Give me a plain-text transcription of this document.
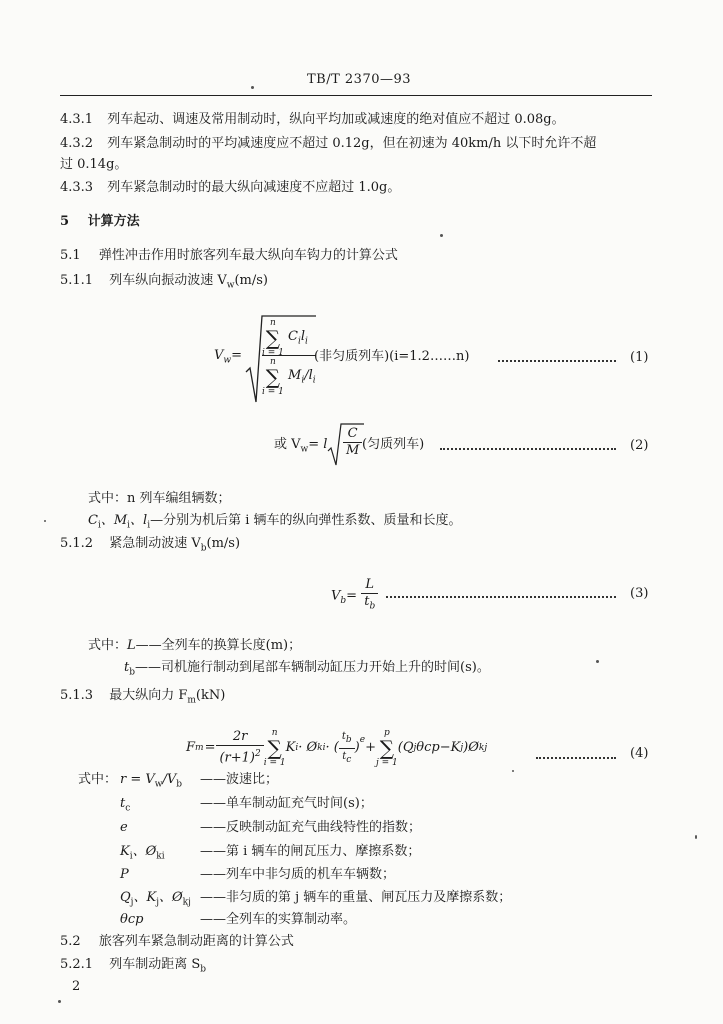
TB/T 2370—93
4.3.1 列车起动、调速及常用制动时，纵向平均加或减速度的绝对值应不超过 0.08g。
4.3.2 列车紧急制动时的平均减速度应不超过 0.12g，但在初速为 40km/h 以下时允许不超
过 0.14g。
4.3.3 列车紧急制动时的最大纵向减速度不应超过 1.0g。
5 计算方法
5.1 弹性冲击作用时旅客列车最大纵向车钩力的计算公式
5.1.1 列车纵向振动波速 $V_w(m/s)$
$V_w=$
n
∑
i = 1
$C_il_i$
n
∑
i = 1
$M_i/l_i$
(非匀质列车)(i=1.2……n)	(1)
或 $V_w= l \frac{C}{M}$ (匀质列车)	(2)
式中：n 列车编组辆数；
$C_i$、$M_i$、$l_i—$分别为机后第 i 辆车的纵向弹性系数、质量和长度。
5.1.2 紧急制动波速 $V_b(m/s)$
$V_b= \frac{L}{t_b}$	(3)
式中：L——全列车的换算长度(m)；
$t_b——$司机施行制动到尾部车辆制动缸压力开始上升的时间(s)。
5.1.3 最大纵向力 $F_m(kN)$
F $m = \frac{2r}{(r+1)^2}$ n
∑
i = 1
K i · Ø ki · ( $\frac{t_b}{t_c} )^e$ +
p
∑
j = 1
(Q j θcp−K j )Ø kj	(4)
式中： $r = V_w/V_b$ ——波速比；
$t_c$	——单车制动缸充气时间(s)；
e	——反映制动缸充气曲线特性的指数；
$K_i$、$Ø_{ki}$	——第 i 辆车的闸瓦压力、摩擦系数；
P	——列车中非匀质的机车车辆数；
$Q_j$、$K_j$、$Ø_{kj}$ ——非匀质的第 j 辆车的重量、闸瓦压力及摩擦系数；
θcp	——全列车的实算制动率。
5.2 旅客列车紧急制动距离的计算公式
5.2.1 列车制动距离 $S_b$
2
